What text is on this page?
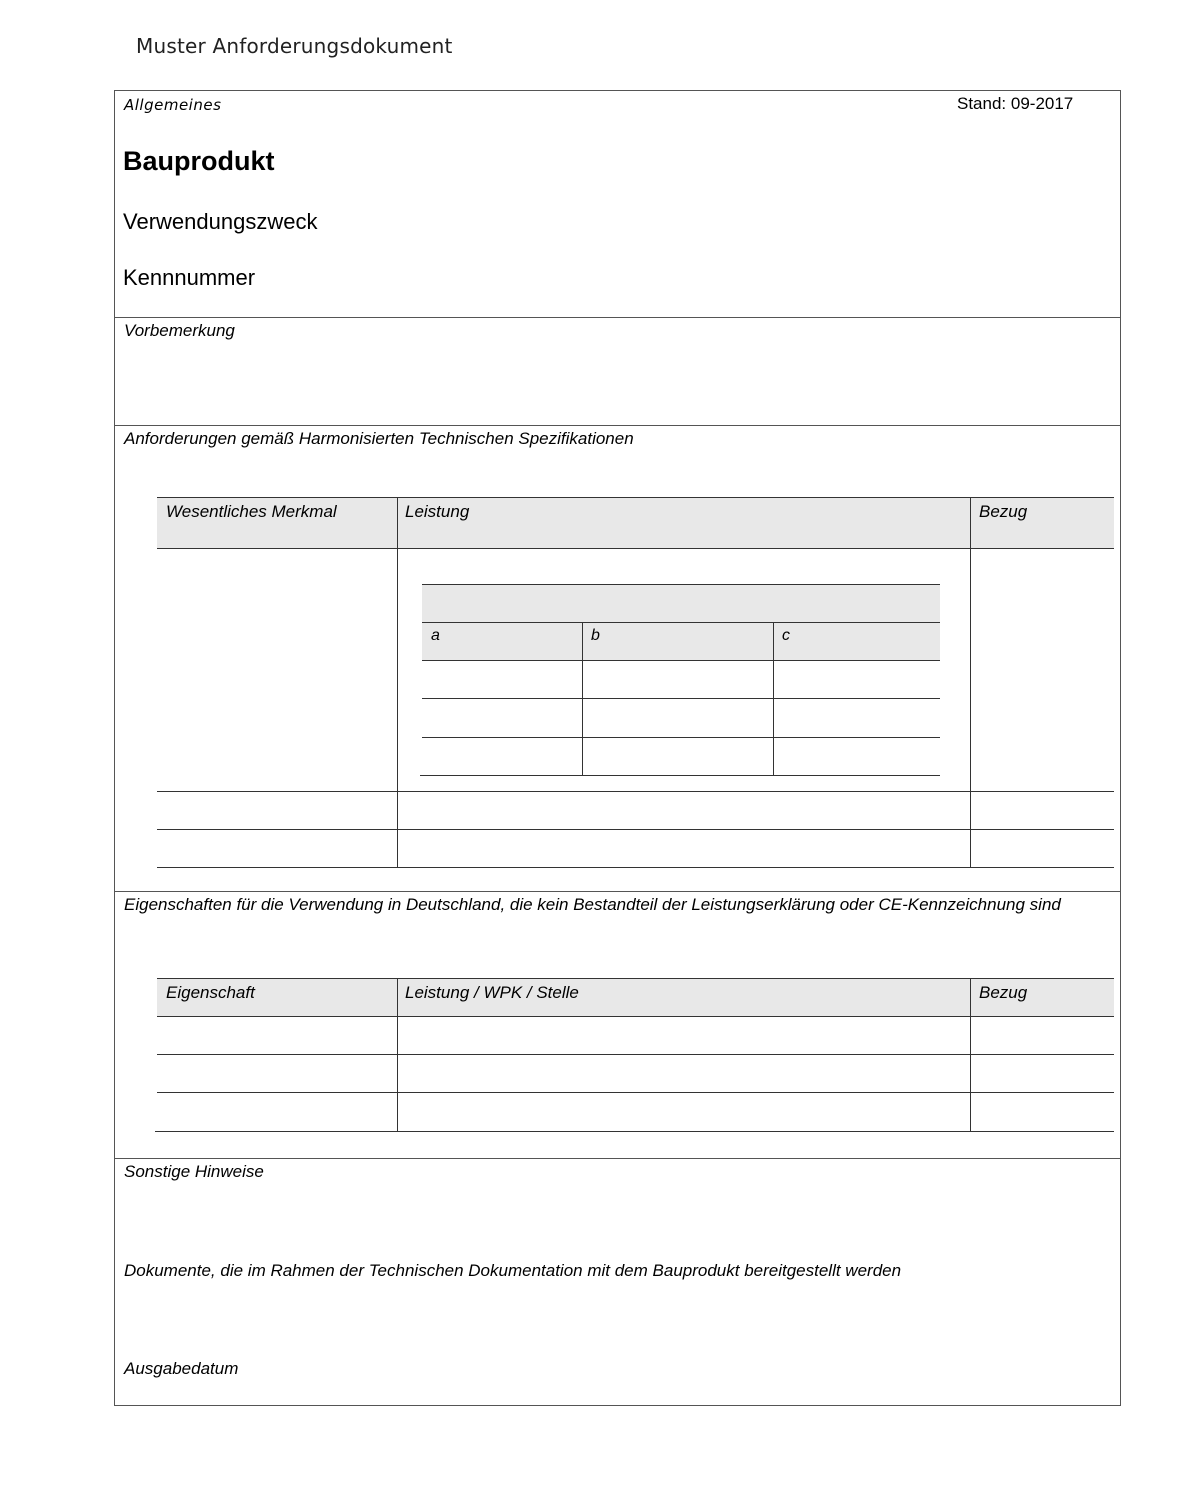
Muster Anforderungsdokument
Allgemeines	Stand: 09-2017
Bauprodukt
Verwendungszweck
Kennnummer
Vorbemerkung
Anforderungen gemäß Harmonisierten Technischen Spezifikationen
Wesentliches Merkmal	Leistung	Bezug
a	b	c
Eigenschaften für die Verwendung in Deutschland, die kein Bestandteil der Leistungserklärung oder CE-Kennzeichnung sind
Eigenschaft	Leistung / WPK / Stelle	Bezug
Sonstige Hinweise
Dokumente, die im Rahmen der Technischen Dokumentation mit dem Bauprodukt bereitgestellt werden
Ausgabedatum
